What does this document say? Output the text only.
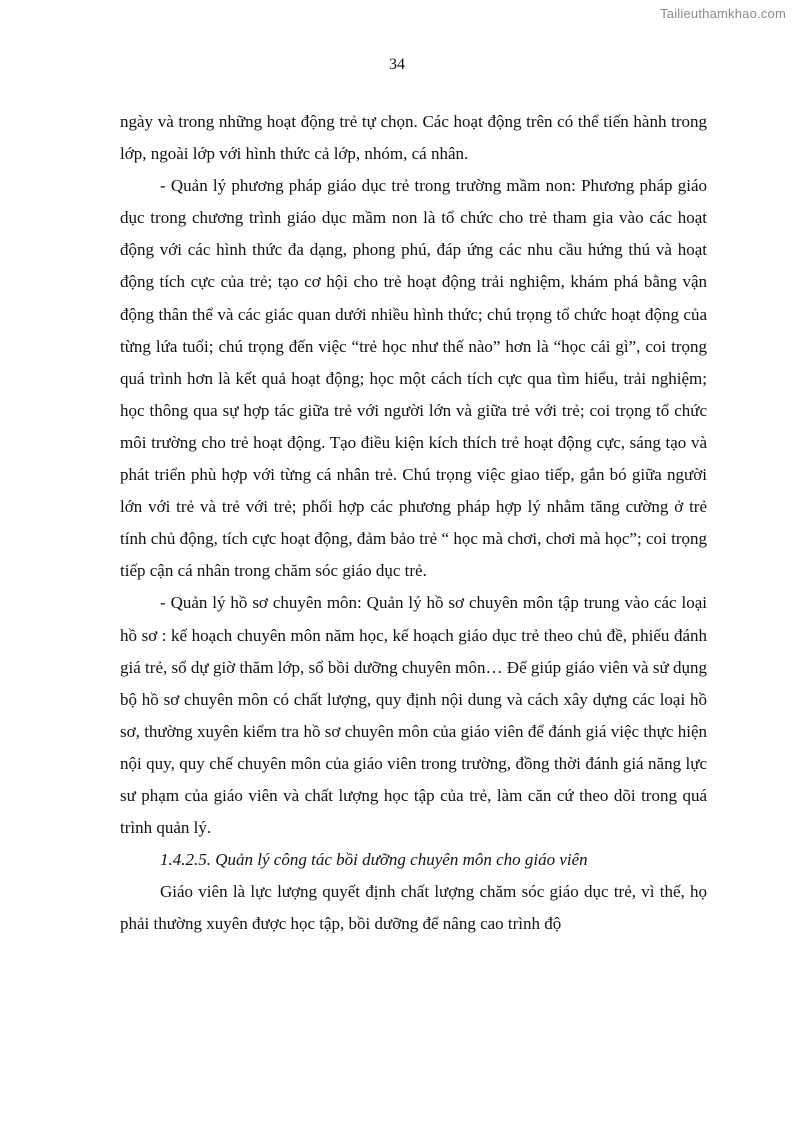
Tailieuthamkhao.com
34

ngày và trong những hoạt động trẻ tự chọn. Các hoạt động trên có thể tiến hành trong lớp, ngoài lớp với hình thức cả lớp, nhóm, cá nhân.

- Quản lý phương pháp giáo dục trẻ trong trường mầm non: Phương pháp giáo dục trong chương trình giáo dục mầm non là tổ chức cho trẻ tham gia vào các hoạt động với các hình thức đa dạng, phong phú, đáp ứng các nhu cầu hứng thú và hoạt động tích cực của trẻ; tạo cơ hội cho trẻ hoạt động trải nghiệm, khám phá bằng vận động thân thể và các giác quan dưới nhiều hình thức; chú trọng tổ chức hoạt động của từng lứa tuổi; chú trọng đến việc “trẻ học như thế nào” hơn là “học cái gì”, coi trọng quá trình hơn là kết quả hoạt động; học một cách tích cực qua tìm hiểu, trải nghiệm; học thông qua sự hợp tác giữa trẻ với người lớn và giữa trẻ với trẻ; coi trọng tổ chức môi trường cho trẻ hoạt động. Tạo điều kiện kích thích trẻ hoạt động cực, sáng tạo và phát triển phù hợp với từng cá nhân trẻ. Chú trọng việc giao tiếp, gắn bó giữa người lớn với trẻ và trẻ với trẻ; phối hợp các phương pháp hợp lý nhằm tăng cường ở trẻ tính chủ động, tích cực hoạt động, đảm bảo trẻ “ học mà chơi, chơi mà học”; coi trọng tiếp cận cá nhân trong chăm sóc giáo dục trẻ.

- Quản lý hồ sơ chuyên môn: Quản lý hồ sơ chuyên môn tập trung vào các loại hồ sơ : kế hoạch chuyên môn năm học, kế hoạch giáo dục trẻ theo chủ đề, phiếu đánh giá trẻ, sổ dự giờ thăm lớp, sổ bồi dưỡng chuyên môn… Để giúp giáo viên và sử dụng bộ hồ sơ chuyên môn có chất lượng, quy định nội dung và cách xây dựng các loại hồ sơ, thường xuyên kiểm tra hồ sơ chuyên môn của giáo viên để đánh giá việc thực hiện nội quy, quy chế chuyên môn của giáo viên trong trường, đồng thời đánh giá năng lực sư phạm của giáo viên và chất lượng học tập của trẻ, làm căn cứ theo dõi trong quá trình quản lý.

1.4.2.5. Quản lý công tác bồi dưỡng chuyên môn cho giáo viên

Giáo viên là lực lượng quyết định chất lượng chăm sóc giáo dục trẻ, vì thế, họ phải thường xuyên được học tập, bồi dưỡng để nâng cao trình độ
